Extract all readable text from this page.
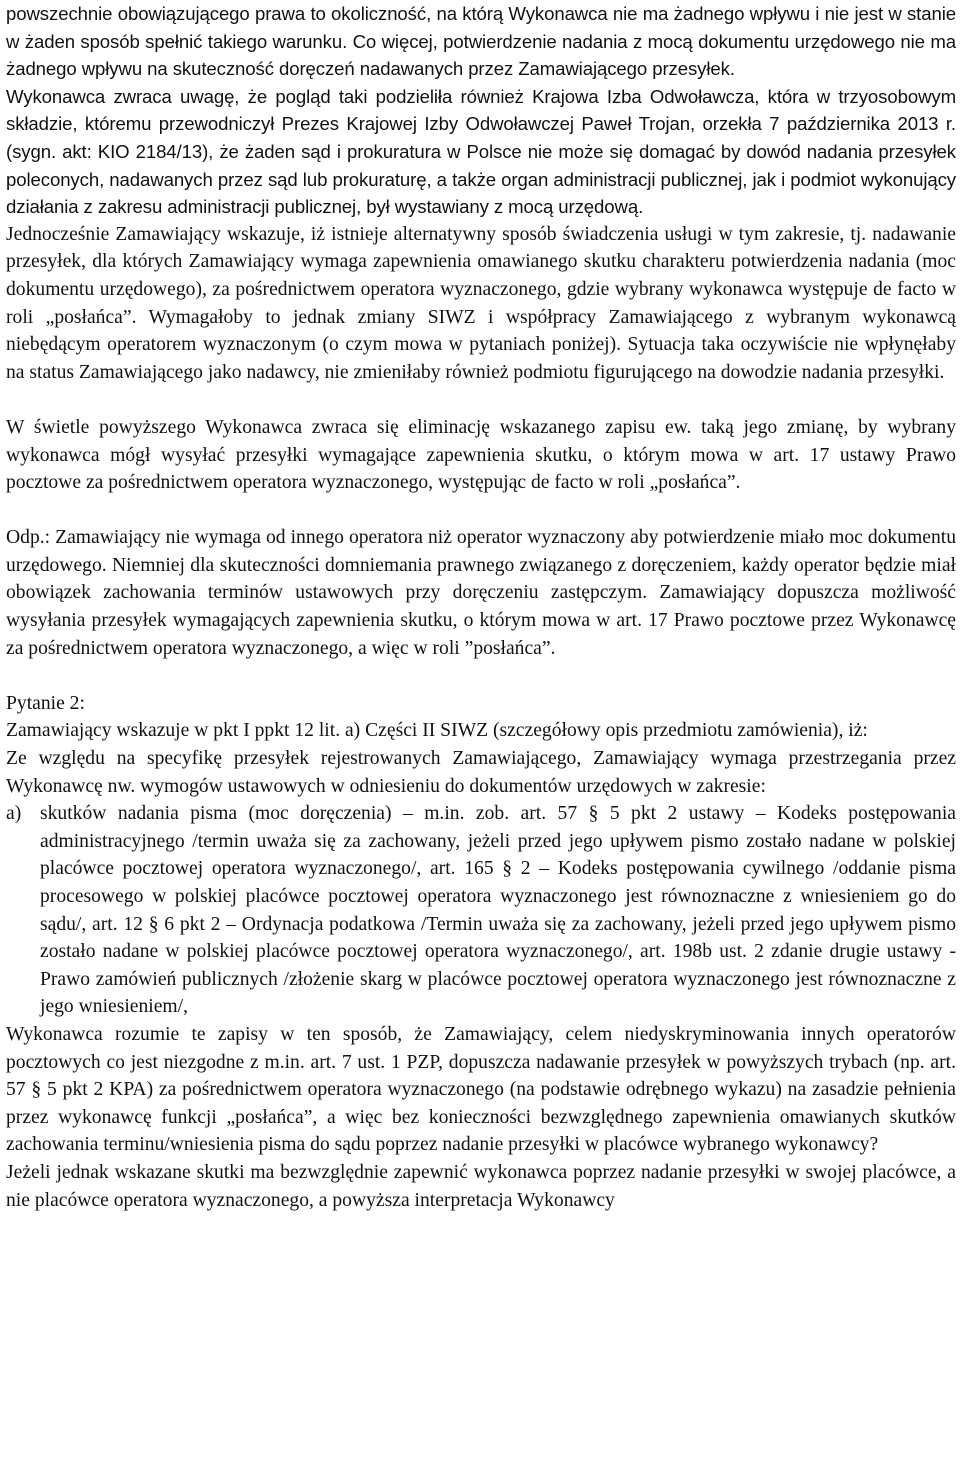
powszechnie obowiązującego prawa to okoliczność, na którą Wykonawca nie ma żadnego wpływu i nie jest w stanie w żaden sposób spełnić takiego warunku. Co więcej, potwierdzenie nadania z mocą dokumentu urzędowego nie ma żadnego wpływu na skuteczność doręczeń nadawanych przez Zamawiającego przesyłek.

Wykonawca zwraca uwagę, że pogląd taki podzieliła również Krajowa Izba Odwoławcza, która w trzyosobowym składzie, któremu przewodniczył Prezes Krajowej Izby Odwoławczej Paweł Trojan, orzekła 7 października 2013 r. (sygn. akt: KIO 2184/13), że żaden sąd i prokuratura w Polsce nie może się domagać by dowód nadania przesyłek poleconych, nadawanych przez sąd lub prokuraturę, a także organ administracji publicznej, jak i podmiot wykonujący działania z zakresu administracji publicznej, był wystawiany z mocą urzędową.

Jednocześnie Zamawiający wskazuje, iż istnieje alternatywny sposób świadczenia usługi w tym zakresie, tj. nadawanie przesyłek, dla których Zamawiający wymaga zapewnienia omawianego skutku charakteru potwierdzenia nadania (moc dokumentu urzędowego), za pośrednictwem operatora wyznaczonego, gdzie wybrany wykonawca występuje de facto w roli „posłańca”. Wymagałoby to jednak zmiany SIWZ i współpracy Zamawiającego z wybranym wykonawcą niebędącym operatorem wyznaczonym (o czym mowa w pytaniach poniżej). Sytuacja taka oczywiście nie wpłynęłaby na status Zamawiającego jako nadawcy, nie zmieniłaby również podmiotu figurującego na dowodzie nadania przesyłki.

W świetle powyższego Wykonawca zwraca się eliminację wskazanego zapisu ew. taką jego zmianę, by wybrany wykonawca mógł wysyłać przesyłki wymagające zapewnienia skutku, o którym mowa w art. 17 ustawy Prawo pocztowe za pośrednictwem operatora wyznaczonego, występując de facto w roli „posłańca”.

Odp.: Zamawiający nie wymaga od innego operatora niż operator wyznaczony aby potwierdzenie miało moc dokumentu urzędowego. Niemniej dla skuteczności domniemania prawnego związanego z doręczeniem, każdy operator będzie miał obowiązek zachowania terminów ustawowych przy doręczeniu zastępczym. Zamawiający dopuszcza możliwość wysyłania przesyłek wymagających zapewnienia skutku, o którym mowa w art. 17 Prawo pocztowe przez Wykonawcę za pośrednictwem operatora wyznaczonego, a więc w roli ”posłańca”.

Pytanie 2:

Zamawiający wskazuje w pkt I ppkt 12 lit. a) Części II SIWZ (szczegółowy opis przedmiotu zamówienia), iż:

Ze względu na specyfikę przesyłek rejestrowanych Zamawiającego, Zamawiający wymaga przestrzegania przez Wykonawcę nw. wymogów ustawowych w odniesieniu do dokumentów urzędowych w zakresie:

a) skutków nadania pisma (moc doręczenia) – m.in. zob. art. 57 § 5 pkt 2 ustawy – Kodeks postępowania administracyjnego /termin uważa się za zachowany, jeżeli przed jego upływem pismo zostało nadane w polskiej placówce pocztowej operatora wyznaczonego/, art. 165 § 2 – Kodeks postępowania cywilnego /oddanie pisma procesowego w polskiej placówce pocztowej operatora wyznaczonego jest równoznaczne z wniesieniem go do sądu/, art. 12 § 6 pkt 2 – Ordynacja podatkowa /Termin uważa się za zachowany, jeżeli przed jego upływem pismo zostało nadane w polskiej placówce pocztowej operatora wyznaczonego/, art. 198b ust. 2 zdanie drugie ustawy - Prawo zamówień publicznych /złożenie skarg w placówce pocztowej operatora wyznaczonego jest równoznaczne z jego wniesieniem/,

Wykonawca rozumie te zapisy w ten sposób, że Zamawiający, celem niedyskryminowania innych operatorów pocztowych co jest niezgodne z m.in. art. 7 ust. 1 PZP, dopuszcza nadawanie przesyłek w powyższych trybach (np. art. 57 § 5 pkt 2 KPA) za pośrednictwem operatora wyznaczonego (na podstawie odrębnego wykazu) na zasadzie pełnienia przez wykonawcę funkcji „posłańca”, a więc bez konieczności bezwzględnego zapewnienia omawianych skutków zachowania terminu/wniesienia pisma do sądu poprzez nadanie przesyłki w placówce wybranego wykonawcy?

Jeżeli jednak wskazane skutki ma bezwzględnie zapewnić wykonawca poprzez nadanie przesyłki w swojej placówce, a nie placówce operatora wyznaczonego, a powyższa interpretacja Wykonawcy
